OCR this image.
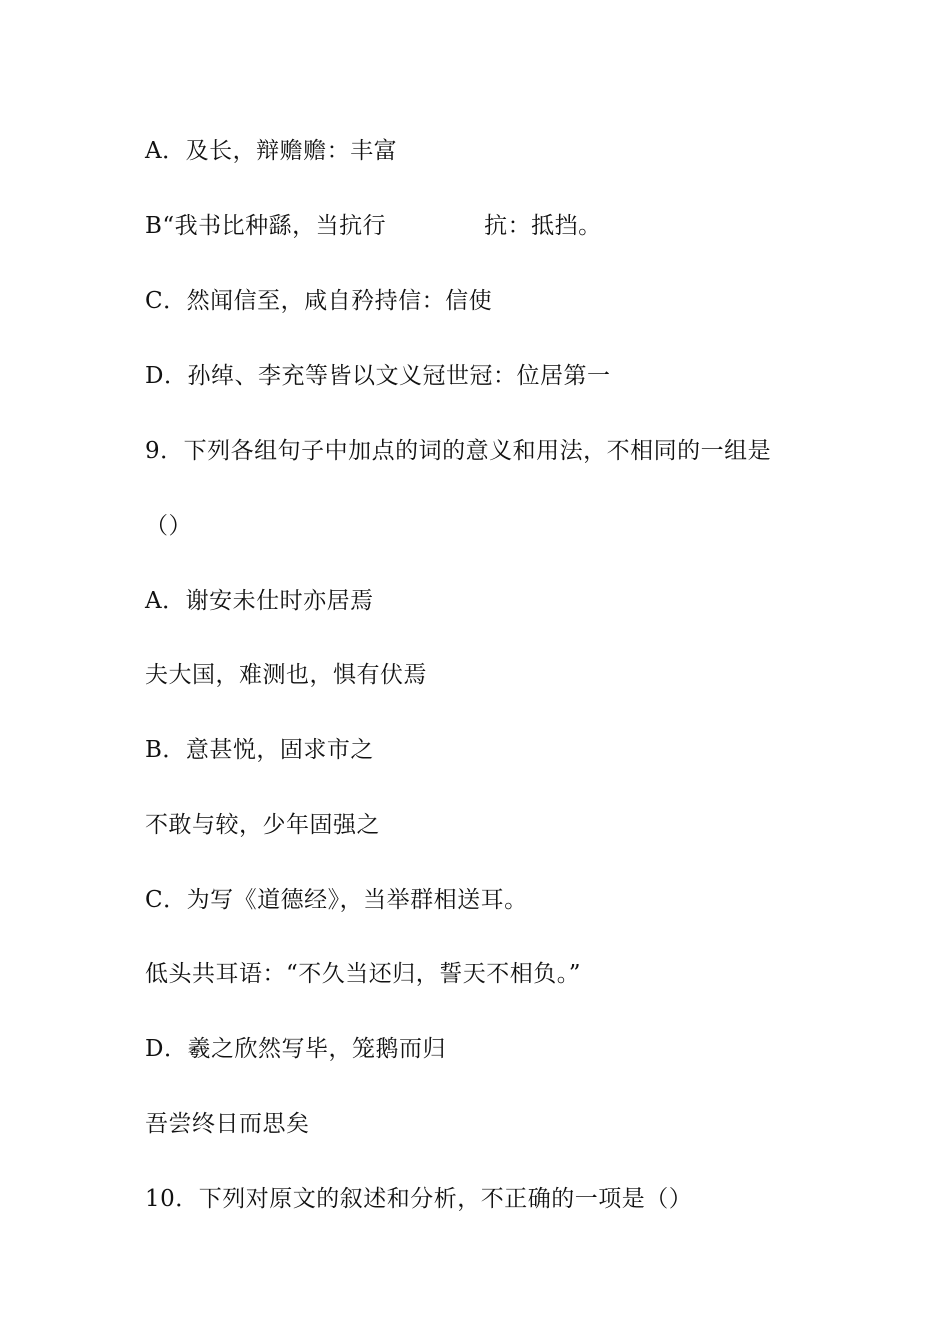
A．及长，辩赡赡：丰富
B“我书比种繇，当抗行	抗：抵挡。
C．然闻信至，咸自矜持信：信使
D．孙绰、李充等皆以文义冠世冠：位居第一
9．下列各组句子中加点的词的意义和用法，不相同的一组是
（）
A．谢安未仕时亦居焉
夫大国，难测也，惧有伏焉
B．意甚悦，固求市之
不敢与较，少年固强之
C．为写《道德经》，当举群相送耳。
低头共耳语：“不久当还归，誓天不相负。”
D．羲之欣然写毕，笼鹅而归
吾尝终日而思矣
10．下列对原文的叙述和分析，不正确的一项是（）
